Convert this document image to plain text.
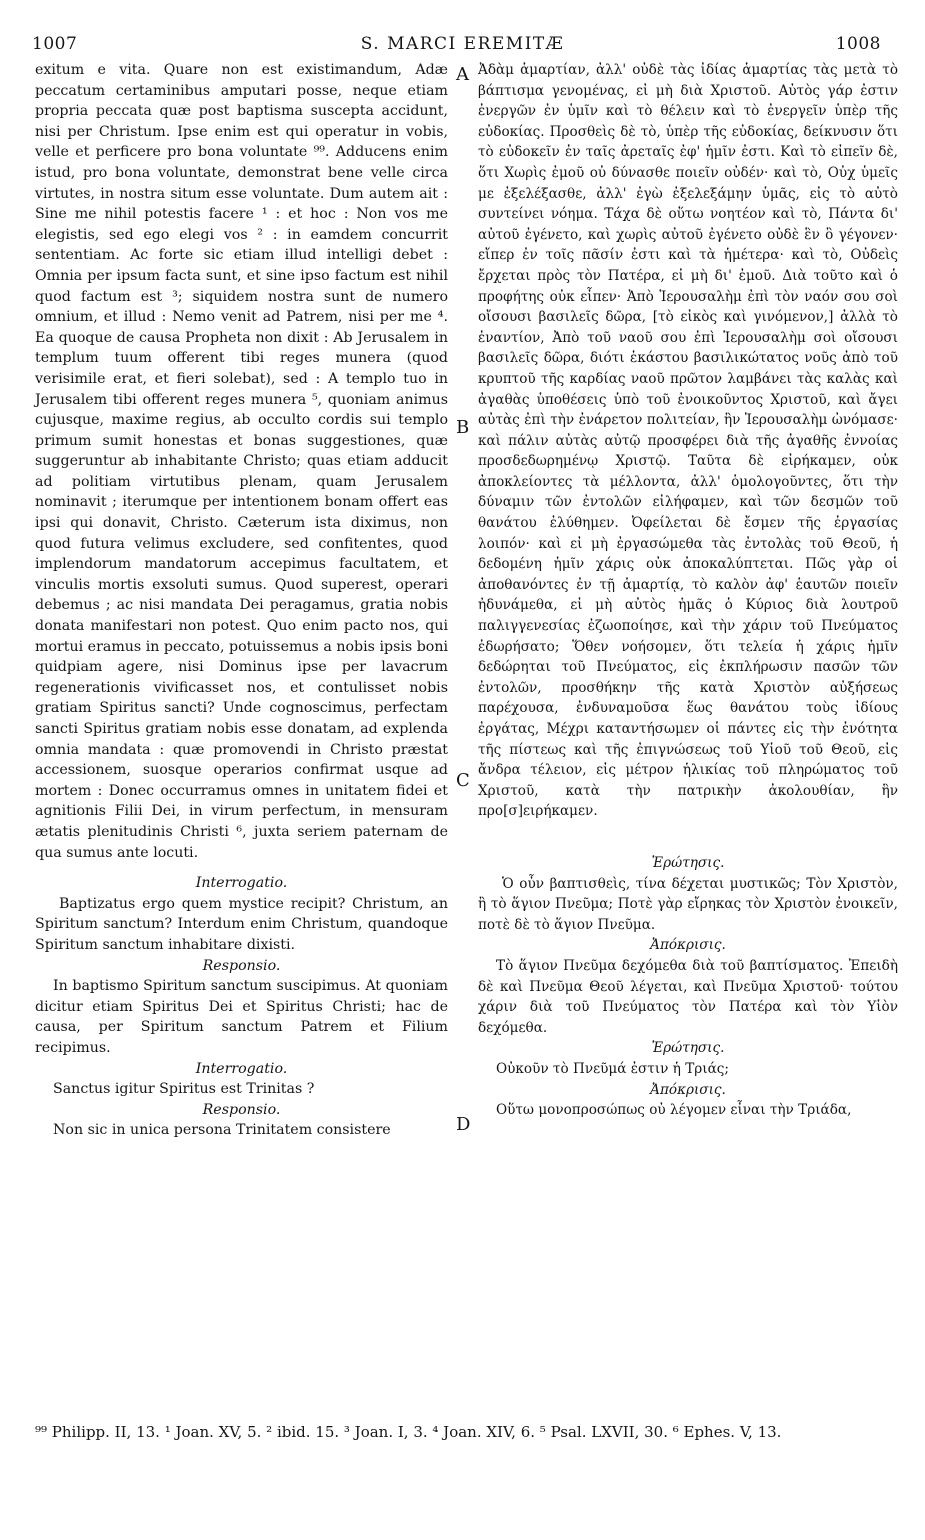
1007	S. MARCI EREMITÆ	1008

exitum e vita. Quare non est existimandum, Adæ peccatum certaminibus amputari posse, neque etiam propria peccata quæ post baptisma suscepta accidunt, nisi per Christum. Ipse enim est qui operatur in vobis, velle et perficere pro bona voluntate ⁹⁹. Adducens enim istud, pro bona voluntate, demonstrat bene velle circa virtutes, in nostra situm esse voluntate. Dum autem ait : Sine me nihil potestis facere ¹ : et hoc : Non vos me elegistis, sed ego elegi vos ² : in eamdem concurrit sententiam. Ac forte sic etiam illud intelligi debet : Omnia per ipsum facta sunt, et sine ipso factum est nihil quod factum est ³; siquidem nostra sunt de numero omnium, et illud : Nemo venit ad Patrem, nisi per me ⁴. Ea quoque de causa Propheta non dixit : Ab Jerusalem in templum tuum offerent tibi reges munera (quod verisimile erat, et fieri solebat), sed : A templo tuo in Jerusalem tibi offerent reges munera ⁵, quoniam animus cujusque, maxime regius, ab occulto cordis sui templo primum sumit honestas et bonas suggestiones, quæ suggeruntur ab inhabitante Christo; quas etiam adducit ad politiam virtutibus plenam, quam Jerusalem nominavit ; iterumque per intentionem bonam offert eas ipsi qui donavit, Christo. Cæterum ista diximus, non quod futura velimus excludere, sed confitentes, quod implendorum mandatorum accepimus facultatem, et vinculis mortis exsoluti sumus. Quod superest, operari debemus ; ac nisi mandata Dei peragamus, gratia nobis donata manifestari non potest. Quo enim pacto nos, qui mortui eramus in peccato, potuissemus a nobis ipsis boni quidpiam agere, nisi Dominus ipse per lavacrum regenerationis vivificasset nos, et contulisset nobis gratiam Spiritus sancti? Unde cognoscimus, perfectam sancti Spiritus gratiam nobis esse donatam, ad explenda omnia mandata : quæ promovendi in Christo præstat accessionem, suosque operarios confirmat usque ad mortem : Donec occurramus omnes in unitatem fidei et agnitionis Filii Dei, in virum perfectum, in mensuram ætatis plenitudinis Christi ⁶, juxta seriem paternam de qua sumus ante locuti.

Interrogatio.

Baptizatus ergo quem mystice recipit? Christum, an Spiritum sanctum? Interdum enim Christum, quandoque Spiritum sanctum inhabitare dixisti.

Responsio.

In baptismo Spiritum sanctum suscipimus. At quoniam dicitur etiam Spiritus Dei et Spiritus Christi; hac de causa, per Spiritum sanctum Patrem et Filium recipimus.

Interrogatio.

Sanctus igitur Spiritus est Trinitas ?

Responsio.

Non sic in unica persona Trinitatem consistere

A
B
C
D

Ἀδὰμ ἁμαρτίαν, ἀλλ' οὐδὲ τὰς ἰδίας ἁμαρτίας τὰς μετὰ τὸ βάπτισμα γενομένας, εἰ μὴ διὰ Χριστοῦ. Αὐτὸς γάρ ἐστιν ἐνεργῶν ἐν ὑμῖν καὶ τὸ θέλειν καὶ τὸ ἐνεργεῖν ὑπὲρ τῆς εὐδοκίας. Προσθεὶς δὲ τὸ, ὑπὲρ τῆς εὐδοκίας, δείκνυσιν ὅτι τὸ εὐδοκεῖν ἐν ταῖς ἀρεταῖς ἐφ' ἡμῖν ἐστι. Καὶ τὸ εἰπεῖν δὲ, ὅτι Χωρὶς ἐμοῦ οὐ δύνασθε ποιεῖν οὐδέν· καὶ τὸ, Οὐχ ὑμεῖς με ἐξελέξασθε, ἀλλ' ἐγὼ ἐξελεξάμην ὑμᾶς, εἰς τὸ αὐτὸ συντείνει νόημα. Τάχα δὲ οὕτω νοητέον καὶ τὸ, Πάντα δι' αὐτοῦ ἐγένετο, καὶ χωρὶς αὐτοῦ ἐγένετο οὐδὲ ἓν ὃ γέγονεν· εἴπερ ἐν τοῖς πᾶσίν ἐστι καὶ τὰ ἡμέτερα· καὶ τὸ, Οὐδεὶς ἔρχεται πρὸς τὸν Πατέρα, εἰ μὴ δι' ἐμοῦ. Διὰ τοῦτο καὶ ὁ προφήτης οὐκ εἶπεν· Ἀπὸ Ἱερουσαλὴμ ἐπὶ τὸν ναόν σου σοὶ οἴσουσι βασιλεῖς δῶρα, [τὸ εἰκὸς καὶ γινόμενον,] ἀλλὰ τὸ ἐναντίον, Ἀπὸ τοῦ ναοῦ σου ἐπὶ Ἱερουσαλὴμ σοὶ οἴσουσι βασιλεῖς δῶρα, διότι ἑκάστου βασιλικώτατος νοῦς ἀπὸ τοῦ κρυπτοῦ τῆς καρδίας ναοῦ πρῶτον λαμβάνει τὰς καλὰς καὶ ἀγαθὰς ὑποθέσεις ὑπὸ τοῦ ἐνοικοῦντος Χριστοῦ, καὶ ἄγει αὐτὰς ἐπὶ τὴν ἐνάρετον πολιτείαν, ἣν Ἱερουσαλὴμ ὠνόμασε· καὶ πάλιν αὐτὰς αὐτῷ προσφέρει διὰ τῆς ἀγαθῆς ἐννοίας προσδεδωρημένῳ Χριστῷ. Ταῦτα δὲ εἰρήκαμεν, οὐκ ἀποκλείοντες τὰ μέλλοντα, ἀλλ' ὁμολογοῦντες, ὅτι τὴν δύναμιν τῶν ἐντολῶν εἰλήφαμεν, καὶ τῶν δεσμῶν τοῦ θανάτου ἐλύθημεν. Ὀφείλεται δὲ ἔσμεν τῆς ἐργασίας λοιπόν· καὶ εἰ μὴ ἐργασώμεθα τὰς ἐντολὰς τοῦ Θεοῦ, ἡ δεδομένη ἡμῖν χάρις οὐκ ἀποκαλύπτεται. Πῶς γὰρ οἱ ἀποθανόντες ἐν τῇ ἁμαρτίᾳ, τὸ καλὸν ἀφ' ἑαυτῶν ποιεῖν ἠδυνάμεθα, εἰ μὴ αὐτὸς ἡμᾶς ὁ Κύριος διὰ λουτροῦ παλιγγενεσίας ἐζωοποίησε, καὶ τὴν χάριν τοῦ Πνεύματος ἐδωρήσατο; Ὅθεν νοήσομεν, ὅτι τελεία ἡ χάρις ἡμῖν δεδώρηται τοῦ Πνεύματος, εἰς ἐκπλήρωσιν πασῶν τῶν ἐντολῶν, προσθήκην τῆς κατὰ Χριστὸν αὐξήσεως παρέχουσα, ἐνδυναμοῦσα ἕως θανάτου τοὺς ἰδίους ἐργάτας, Μέχρι καταντήσωμεν οἱ πάντες εἰς τὴν ἑνότητα τῆς πίστεως καὶ τῆς ἐπιγνώσεως τοῦ Υἱοῦ τοῦ Θεοῦ, εἰς ἄνδρα τέλειον, εἰς μέτρον ἡλικίας τοῦ πληρώματος τοῦ Χριστοῦ, κατὰ τὴν πατρικὴν ἀκολουθίαν, ἣν προ[σ]ειρήκαμεν.

Ἐρώτησις.

Ὁ οὖν βαπτισθεὶς, τίνα δέχεται μυστικῶς; Τὸν Χριστὸν, ἢ τὸ ἅγιον Πνεῦμα; Ποτὲ γὰρ εἴρηκας τὸν Χριστὸν ἐνοικεῖν, ποτὲ δὲ τὸ ἅγιον Πνεῦμα.

Ἀπόκρισις.

Τὸ ἅγιον Πνεῦμα δεχόμεθα διὰ τοῦ βαπτίσματος. Ἐπειδὴ δὲ καὶ Πνεῦμα Θεοῦ λέγεται, καὶ Πνεῦμα Χριστοῦ· τούτου χάριν διὰ τοῦ Πνεύματος τὸν Πατέρα καὶ τὸν Υἱὸν δεχόμεθα.

Ἐρώτησις.

Οὐκοῦν τὸ Πνεῦμά ἐστιν ἡ Τριάς;

Ἀπόκρισις.

Οὕτω μονοπροσώπως οὐ λέγομεν εἶναι τὴν Τριάδα,

⁹⁹ Philipp. II, 13. ¹ Joan. XV, 5. ² ibid. 15. ³ Joan. I, 3. ⁴ Joan. XIV, 6. ⁵ Psal. LXVII, 30. ⁶ Ephes. V, 13.
